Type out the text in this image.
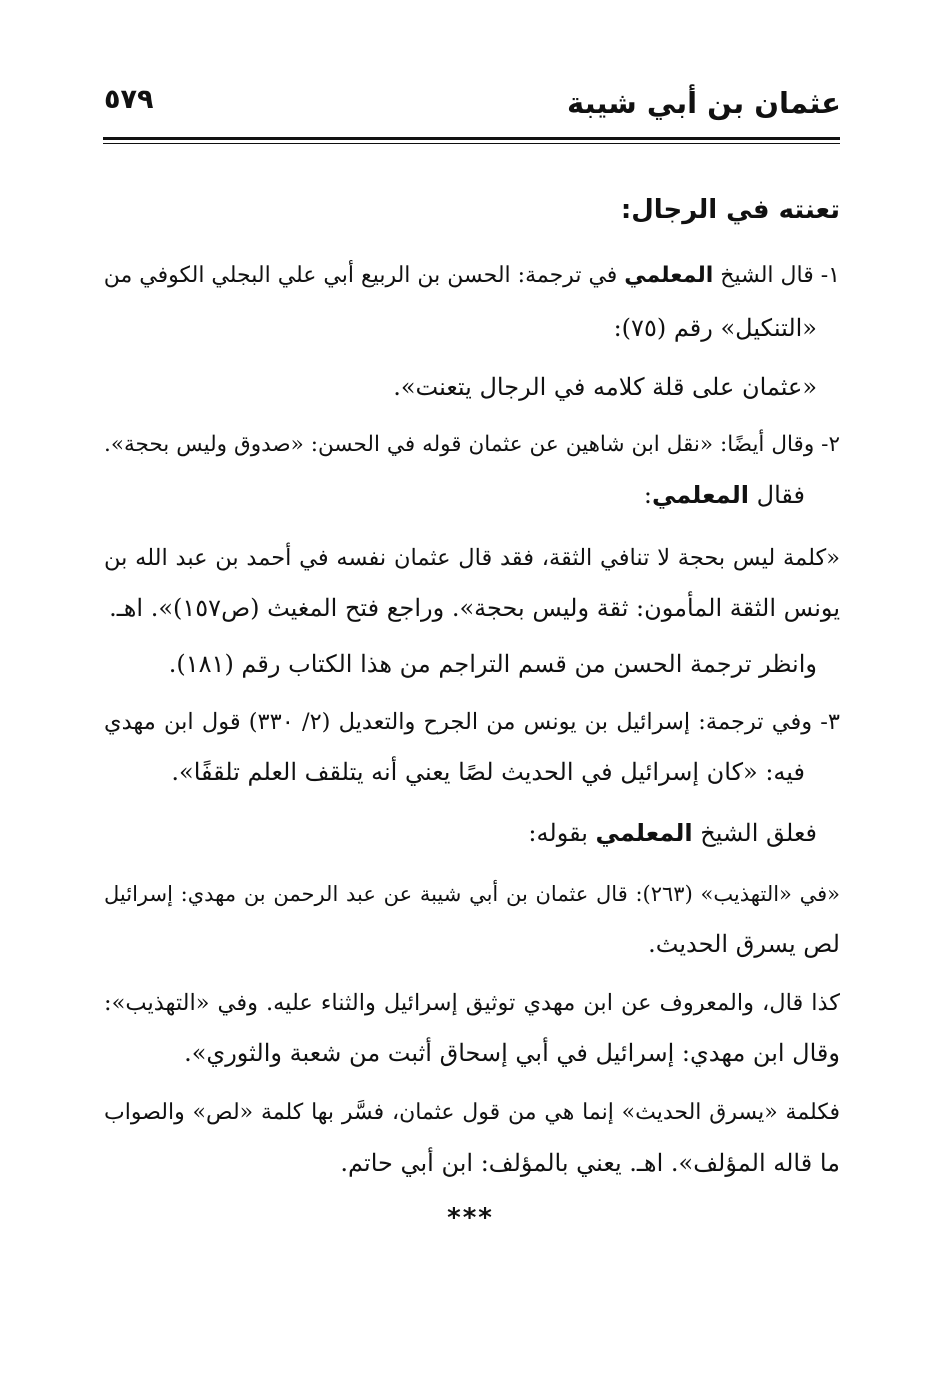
عثمان بن أبي شيبة
٥٧٩
تعنته في الرجال:
١- قال الشيخ المعلمي في ترجمة: الحسن بن الربيع أبي علي البجلي الكوفي من
«التنكيل» رقم (٧٥):
«عثمان على قلة كلامه في الرجال يتعنت».
٢- وقال أيضًا: «نقل ابن شاهين عن عثمان قوله في الحسن: «صدوق وليس بحجة».
فقال المعلمي:
«كلمة ليس بحجة لا تنافي الثقة، فقد قال عثمان نفسه في أحمد بن عبد الله بن
يونس الثقة المأمون: ثقة وليس بحجة». وراجع فتح المغيث (ص١٥٧)». اهـ.
وانظر ترجمة الحسن من قسم التراجم من هذا الكتاب رقم (١٨١).
٣- وفي ترجمة: إسرائيل بن يونس من الجرح والتعديل (٢/ ٣٣٠) قول ابن مهدي
فيه: «كان إسرائيل في الحديث لصًا يعني أنه يتلقف العلم تلقفًا».
فعلق الشيخ المعلمي بقوله:
«في «التهذيب» (٢٦٣): قال عثمان بن أبي شيبة عن عبد الرحمن بن مهدي: إسرائيل
لص يسرق الحديث.
كذا قال، والمعروف عن ابن مهدي توثيق إسرائيل والثناء عليه. وفي «التهذيب»:
وقال ابن مهدي: إسرائيل في أبي إسحاق أثبت من شعبة والثوري».
فكلمة «يسرق الحديث» إنما هي من قول عثمان، فسَّر بها كلمة «لص» والصواب
ما قاله المؤلف». اهـ. يعني بالمؤلف: ابن أبي حاتم.
***
